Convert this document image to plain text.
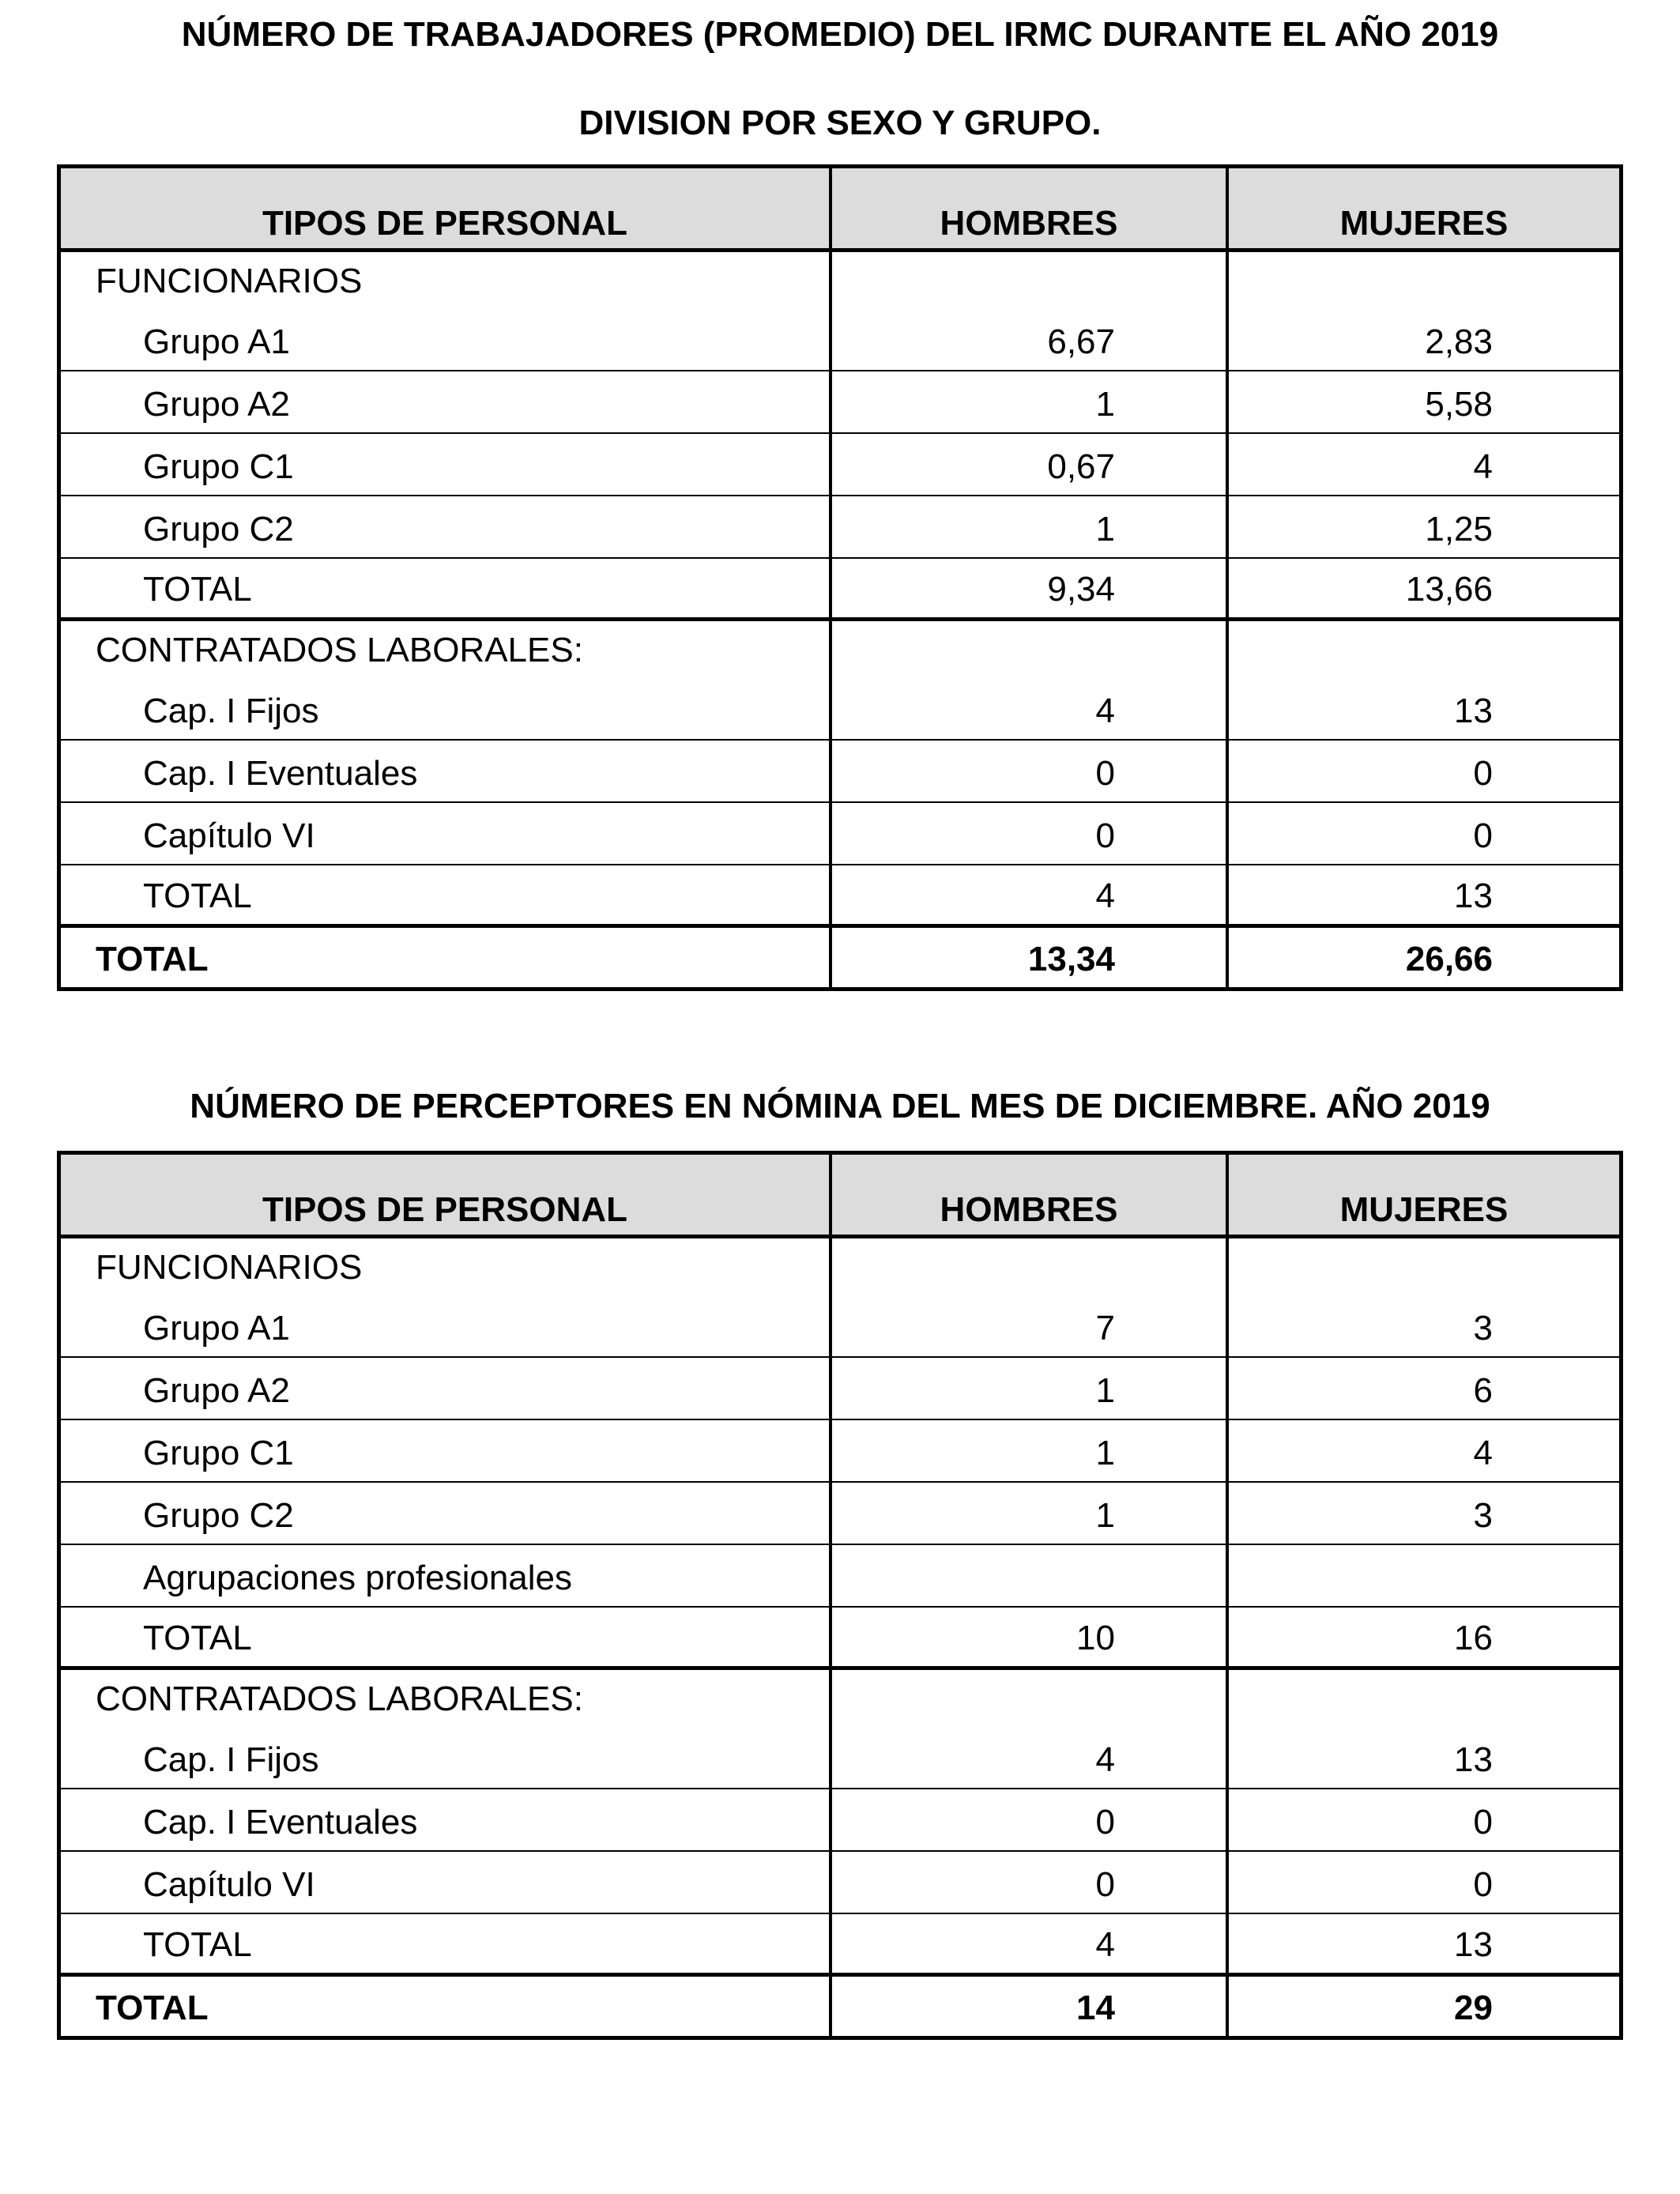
NÚMERO DE TRABAJADORES (PROMEDIO) DEL IRMC DURANTE EL AÑO 2019
DIVISION POR SEXO Y GRUPO.
TIPOS DE PERSONAL	HOMBRES	MUJERES
FUNCIONARIOS
Grupo A1	6,67	2,83
Grupo A2	1	5,58
Grupo C1	0,67	4
Grupo C2	1	1,25
TOTAL	9,34	13,66
CONTRATADOS LABORALES:
Cap. I Fijos	4	13
Cap. I Eventuales	0	0
Capítulo VI	0	0
TOTAL	4	13
TOTAL	13,34	26,66
NÚMERO DE PERCEPTORES EN NÓMINA DEL MES DE DICIEMBRE. AÑO 2019
TIPOS DE PERSONAL	HOMBRES	MUJERES
FUNCIONARIOS
Grupo A1	7	3
Grupo A2	1	6
Grupo C1	1	4
Grupo C2	1	3
Agrupaciones profesionales
TOTAL	10	16
CONTRATADOS LABORALES:
Cap. I Fijos	4	13
Cap. I Eventuales	0	0
Capítulo VI	0	0
TOTAL	4	13
TOTAL	14	29
